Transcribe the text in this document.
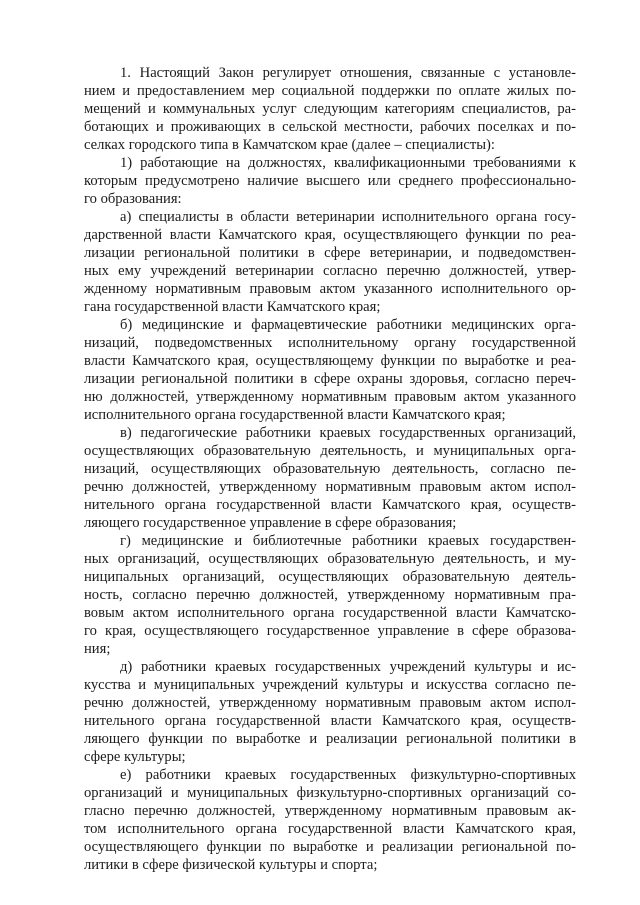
1. Настоящий Закон регулирует отношения, связанные с установле-
нием и предоставлением мер социальной поддержки по оплате жилых по-
мещений и коммунальных услуг следующим категориям специалистов, ра-
ботающих и проживающих в сельской местности, рабочих поселках и по-
селках городского типа в Камчатском крае (далее – специалисты):
1) работающие на должностях, квалификационными требованиями к
которым предусмотрено наличие высшего или среднего профессионально-
го образования:
а) специалисты в области ветеринарии исполнительного органа госу-
дарственной власти Камчатского края, осуществляющего функции по реа-
лизации региональной политики в сфере ветеринарии, и подведомствен-
ных ему учреждений ветеринарии согласно перечню должностей, утвер-
жденному нормативным правовым актом указанного исполнительного ор-
гана государственной власти Камчатского края;
б) медицинские и фармацевтические работники медицинских орга-
низаций, подведомственных исполнительному органу государственной
власти Камчатского края, осуществляющему функции по выработке и реа-
лизации региональной политики в сфере охраны здоровья, согласно переч-
ню должностей, утвержденному нормативным правовым актом указанного
исполнительного органа государственной власти Камчатского края;
в) педагогические работники краевых государственных организаций,
осуществляющих образовательную деятельность, и муниципальных орга-
низаций, осуществляющих образовательную деятельность, согласно пе-
речню должностей, утвержденному нормативным правовым актом испол-
нительного органа государственной власти Камчатского края, осуществ-
ляющего государственное управление в сфере образования;
г) медицинские и библиотечные работники краевых государствен-
ных организаций, осуществляющих образовательную деятельность, и му-
ниципальных организаций, осуществляющих образовательную деятель-
ность, согласно перечню должностей, утвержденному нормативным пра-
вовым актом исполнительного органа государственной власти Камчатско-
го края, осуществляющего государственное управление в сфере образова-
ния;
д) работники краевых государственных учреждений культуры и ис-
кусства и муниципальных учреждений культуры и искусства согласно пе-
речню должностей, утвержденному нормативным правовым актом испол-
нительного органа государственной власти Камчатского края, осуществ-
ляющего функции по выработке и реализации региональной политики в
сфере культуры;
е) работники краевых государственных физкультурно-спортивных
организаций и муниципальных физкультурно-спортивных организаций со-
гласно перечню должностей, утвержденному нормативным правовым ак-
том исполнительного органа государственной власти Камчатского края,
осуществляющего функции по выработке и реализации региональной по-
литики в сфере физической культуры и спорта;
